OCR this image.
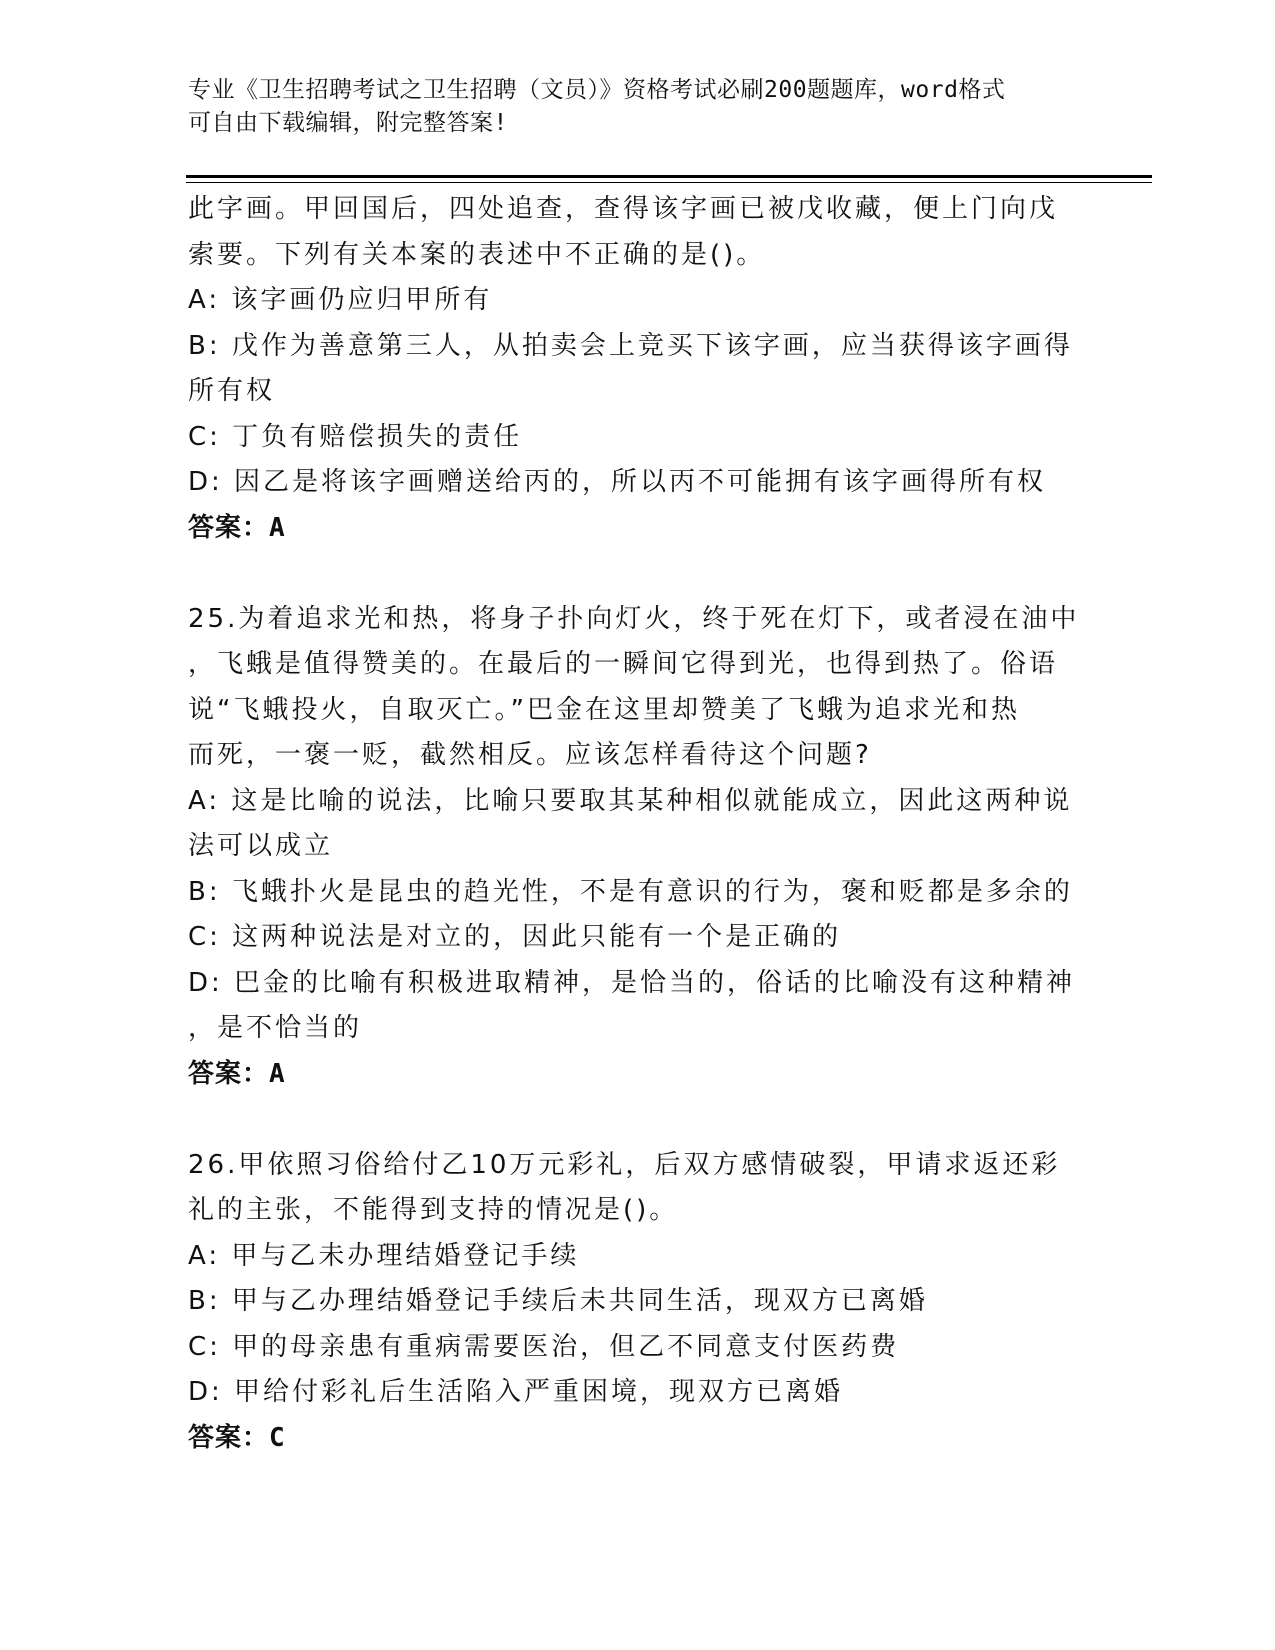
专业《卫生招聘考试之卫生招聘（文员）》资格考试必刷200题题库，word格式
可自由下载编辑，附完整答案!
此字画。甲回国后，四处追查，查得该字画已被戊收藏，便上门向戊
索要。下列有关本案的表述中不正确的是()。
A: 该字画仍应归甲所有
B: 戊作为善意第三人，从拍卖会上竞买下该字画，应当获得该字画得
所有权
C: 丁负有赔偿损失的责任
D: 因乙是将该字画赠送给丙的，所以丙不可能拥有该字画得所有权
答案：A
25.为着追求光和热，将身子扑向灯火，终于死在灯下，或者浸在油中
，飞蛾是值得赞美的。在最后的一瞬间它得到光，也得到热了。俗语
说“飞蛾投火，自取灭亡。”巴金在这里却赞美了飞蛾为追求光和热
而死，一褒一贬，截然相反。应该怎样看待这个问题?
A: 这是比喻的说法，比喻只要取其某种相似就能成立，因此这两种说
法可以成立
B: 飞蛾扑火是昆虫的趋光性，不是有意识的行为，褒和贬都是多余的
C: 这两种说法是对立的，因此只能有一个是正确的
D: 巴金的比喻有积极进取精神，是恰当的，俗话的比喻没有这种精神
，是不恰当的
答案：A
26.甲依照习俗给付乙10万元彩礼，后双方感情破裂，甲请求返还彩
礼的主张，不能得到支持的情况是()。
A: 甲与乙未办理结婚登记手续
B: 甲与乙办理结婚登记手续后未共同生活，现双方已离婚
C: 甲的母亲患有重病需要医治，但乙不同意支付医药费
D: 甲给付彩礼后生活陷入严重困境，现双方已离婚
答案：C
